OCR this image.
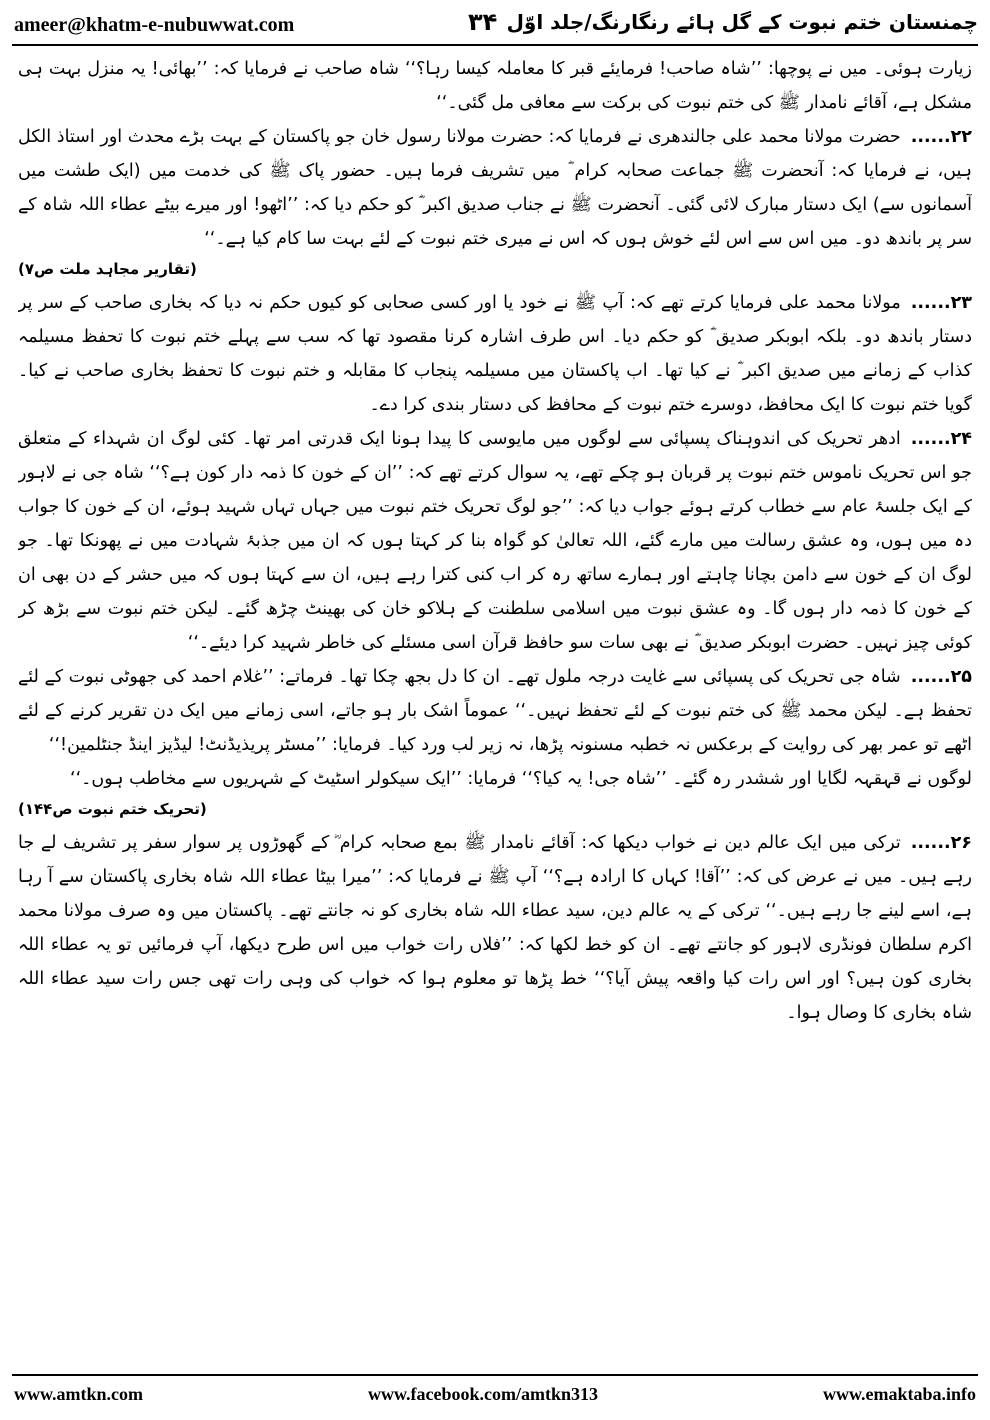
ameer@khatm-e-nubuwwat.com	۳۴ چمنستان ختم نبوت کے گل ہائے رنگارنگ/جلد اوّل

زیارت ہوئی۔ میں نے پوچھا: ’’شاہ صاحب! فرمایئے قبر کا معاملہ کیسا رہا؟‘‘ شاہ صاحب نے فرمایا کہ: ’’بھائی! یہ منزل بہت ہی مشکل ہے، آقائے نامدار ﷺ کی ختم نبوت کی برکت سے معافی مل گئی۔‘‘

۲۲......حضرت مولانا محمد علی جالندھری نے فرمایا کہ: حضرت مولانا رسول خان جو پاکستان کے بہت بڑے محدث اور استاذ الکل ہیں، نے فرمایا کہ: آنحضرت ﷺ جماعت صحابہ کرام ؓ میں تشریف فرما ہیں۔ حضور پاک ﷺ کی خدمت میں (ایک طشت میں آسمانوں سے) ایک دستار مبارک لائی گئی۔ آنحضرت ﷺ نے جناب صدیق اکبر ؓ کو حکم دیا کہ: ’’اٹھو! اور میرے بیٹے عطاء اللہ شاہ کے سر پر باندھ دو۔ میں اس سے اس لئے خوش ہوں کہ اس نے میری ختم نبوت کے لئے بہت سا کام کیا ہے۔‘‘

(تقاریر مجاہد ملت ص۷)

۲۳......مولانا محمد علی فرمایا کرتے تھے کہ: آپ ﷺ نے خود یا اور کسی صحابی کو کیوں حکم نہ دیا کہ بخاری صاحب کے سر پر دستار باندھ دو۔ بلکہ ابوبکر صدیق ؓ کو حکم دیا۔ اس طرف اشارہ کرنا مقصود تھا کہ سب سے پہلے ختم نبوت کا تحفظ مسیلمہ کذاب کے زمانے میں صدیق اکبر ؓ نے کیا تھا۔ اب پاکستان میں مسیلمہ پنجاب کا مقابلہ و ختم نبوت کا تحفظ بخاری صاحب نے کیا۔ گویا ختم نبوت کا ایک محافظ، دوسرے ختم نبوت کے محافظ کی دستار بندی کرا دے۔

۲۴......ادھر تحریک کی اندوہناک پسپائی سے لوگوں میں مایوسی کا پیدا ہونا ایک قدرتی امر تھا۔ کئی لوگ ان شہداء کے متعلق جو اس تحریک ناموس ختم نبوت پر قربان ہو چکے تھے، یہ سوال کرتے تھے کہ: ’’ان کے خون کا ذمہ دار کون ہے؟‘‘ شاہ جی نے لاہور کے ایک جلسۂ عام سے خطاب کرتے ہوئے جواب دیا کہ: ’’جو لوگ تحریک ختم نبوت میں جہاں تہاں شہید ہوئے، ان کے خون کا جواب دہ میں ہوں، وہ عشق رسالت میں مارے گئے، اللہ تعالیٰ کو گواہ بنا کر کہتا ہوں کہ ان میں جذبۂ شہادت میں نے پھونکا تھا۔ جو لوگ ان کے خون سے دامن بچانا چاہتے اور ہمارے ساتھ رہ کر اب کنی کترا رہے ہیں، ان سے کہتا ہوں کہ میں حشر کے دن بھی ان کے خون کا ذمہ دار ہوں گا۔ وہ عشق نبوت میں اسلامی سلطنت کے ہلاکو خان کی بھینٹ چڑھ گئے۔ لیکن ختم نبوت سے بڑھ کر کوئی چیز نہیں۔ حضرت ابوبکر صدیق ؓ نے بھی سات سو حافظ قرآن اسی مسئلے کی خاطر شہید کرا دیئے۔‘‘

۲۵......شاہ جی تحریک کی پسپائی سے غایت درجہ ملول تھے۔ ان کا دل بجھ چکا تھا۔ فرماتے: ’’غلام احمد کی جھوٹی نبوت کے لئے تحفظ ہے۔ لیکن محمد ﷺ کی ختم نبوت کے لئے تحفظ نہیں۔‘‘ عموماً اشک بار ہو جاتے، اسی زمانے میں ایک دن تقریر کرنے کے لئے اٹھے تو عمر بھر کی روایت کے برعکس نہ خطبہ مسنونہ پڑھا، نہ زیر لب ورد کیا۔ فرمایا: ’’مسٹر پریذیڈنٹ! لیڈیز اینڈ جنٹلمین!‘‘

لوگوں نے قہقہہ لگایا اور ششدر رہ گئے۔ ’’شاہ جی! یہ کیا؟‘‘ فرمایا: ’’ایک سیکولر اسٹیٹ کے شہریوں سے مخاطب ہوں۔‘‘

(تحریک ختم نبوت ص۱۴۴)

۲۶......ترکی میں ایک عالم دین نے خواب دیکھا کہ: آقائے نامدار ﷺ بمع صحابہ کرام ؓ کے گھوڑوں پر سوار سفر پر تشریف لے جا رہے ہیں۔ میں نے عرض کی کہ: ’’آقا! کہاں کا ارادہ ہے؟‘‘ آپ ﷺ نے فرمایا کہ: ’’میرا بیٹا عطاء اللہ شاہ بخاری پاکستان سے آ رہا ہے، اسے لینے جا رہے ہیں۔‘‘ ترکی کے یہ عالم دین، سید عطاء اللہ شاہ بخاری کو نہ جانتے تھے۔ پاکستان میں وہ صرف مولانا محمد اکرم سلطان فونڈری لاہور کو جانتے تھے۔ ان کو خط لکھا کہ: ’’فلاں رات خواب میں اس طرح دیکھا، آپ فرمائیں تو یہ عطاء اللہ بخاری کون ہیں؟ اور اس رات کیا واقعہ پیش آیا؟‘‘ خط پڑھا تو معلوم ہوا کہ خواب کی وہی رات تھی جس رات سید عطاء اللہ شاہ بخاری کا وصال ہوا۔

www.amtkn.com	www.facebook.com/amtkn313	www.emaktaba.info
